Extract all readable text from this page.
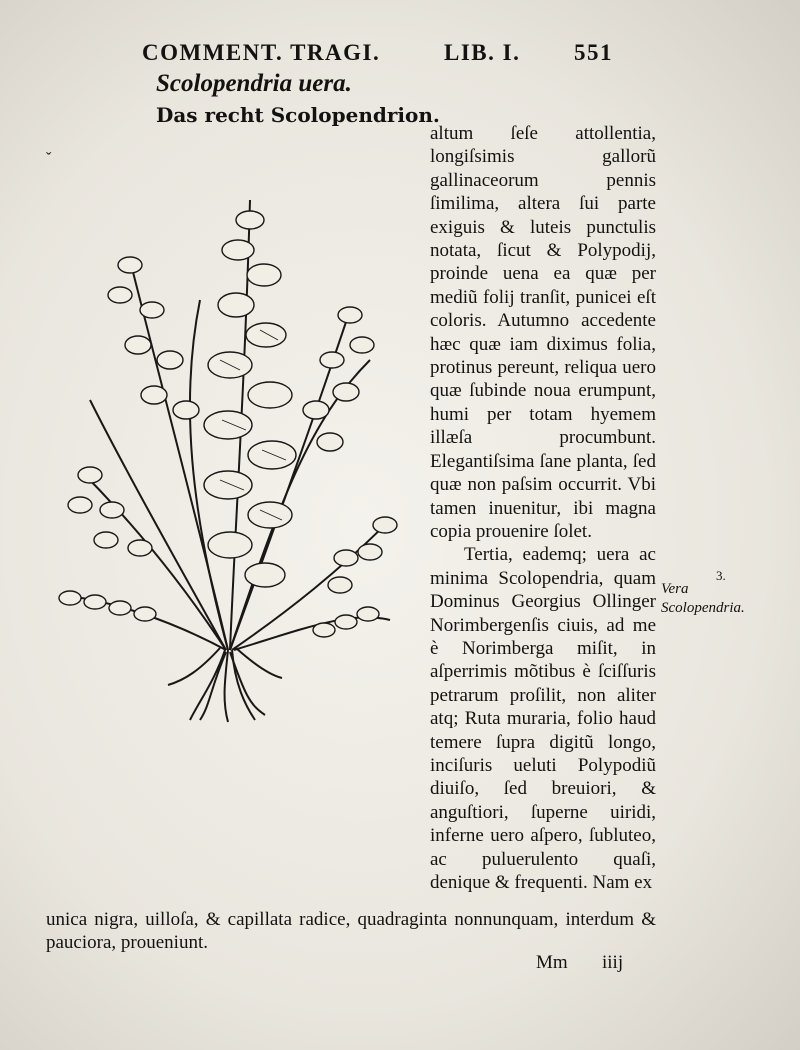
COMMENT. TRAGI.	LIB. I. 551
Scolopendria uera.
Das recht Scolopendrion.
ˇ

altum ſeſe attollentia, longiſsimis gallorũ gallinaceorum pennis ſimilima, altera ſui parte exiguis & luteis punctulis notata, ſicut & Polypodij, proinde uena ea quæ per mediũ folij tranſit, punicei eſt coloris. Autumno accedente hæc quæ iam diximus folia, protinus pereunt, reliqua uero quæ ſubinde noua erumpunt, humi per totam hyemem illæſa procumbunt. Elegantiſsima ſane planta, ſed quæ non paſsim occurrit. Vbi tamen inuenitur, ibi magna copia prouenire ſolet.

Tertia, eademq; uera ac minima Scolopendria, quam Dominus Georgius Ollinger Norimbergenſis ciuis, ad me è Norimberga miſit, in aſperrimis mõtibus è ſciſſuris petrarum proſilit, non aliter atq; Ruta muraria, folio haud temere ſupra digitũ longo, inciſuris ueluti Polypodiũ diuiſo, ſed breuiori, & anguſtiori, ſuperne uiridi, inferne uero aſpero, ſubluteo, ac puluerulento quaſi, denique & frequenti. Nam ex

unica nigra, uilloſa, & capillata radice, quadraginta nonnunquam, interdum & pauciora, proueniunt.
3.
Vera Scolopendria.
Mm iiij
